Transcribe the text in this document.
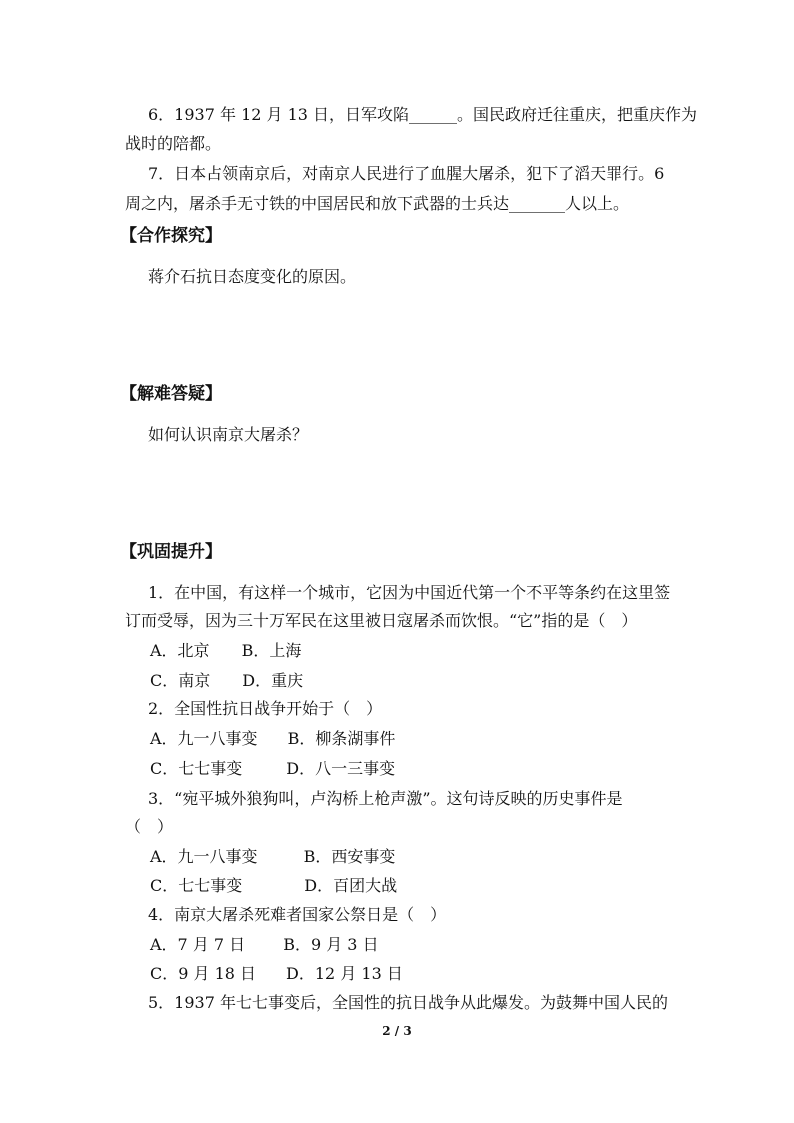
6．1937 年 12 月 13 日，日军攻陷______。国民政府迁往重庆，把重庆作为
战时的陪都。
7．日本占领南京后，对南京人民进行了血腥大屠杀，犯下了滔天罪行。6
周之内，屠杀手无寸铁的中国居民和放下武器的士兵达_______人以上。
【合作探究】
蒋介石抗日态度变化的原因。
【解难答疑】
如何认识南京大屠杀？
【巩固提升】
1．在中国，有这样一个城市，它因为中国近代第一个不平等条约在这里签
订而受辱，因为三十万军民在这里被日寇屠杀而饮恨。“它”指的是（　）
A．北京 B．上海
C．南京 D．重庆
2．全国性抗日战争开始于（　）
A．九一八事变 B．柳条湖事件
C．七七事变	D．八一三事变
3．“宛平城外狼狗叫，卢沟桥上枪声激”。这句诗反映的历史事件是
（　）
A．九一八事变	B．西安事变
C．七七事变	D．百团大战
4．南京大屠杀死难者国家公祭日是（　）
A．7 月 7 日 B．9 月 3 日
C．9 月 18 日 D．12 月 13 日
5．1937 年七七事变后，全国性的抗日战争从此爆发。为鼓舞中国人民的
2 / 3
